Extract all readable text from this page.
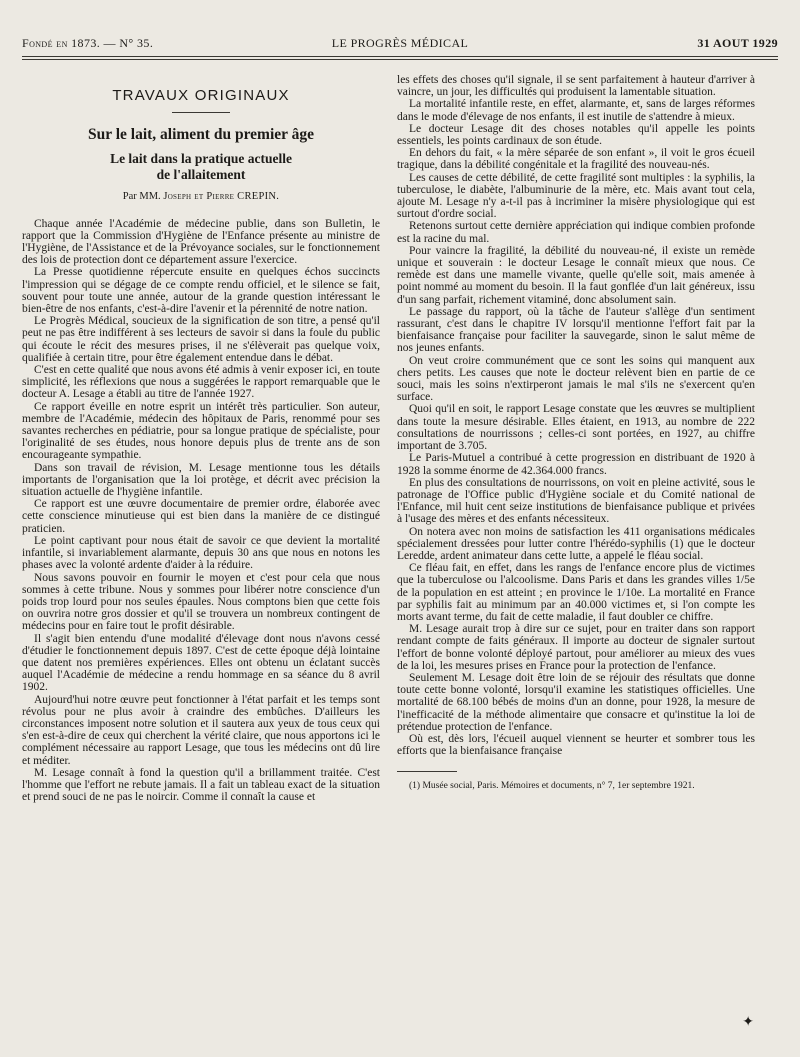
Fondé en 1873. — N° 35.	LE PROGRÈS MÉDICAL	31 AOUT 1929
TRAVAUX ORIGINAUX
Sur le lait, aliment du premier âge
Le lait dans la pratique actuelle
de l'allaitement
Par MM. Joseph et Pierre CREPIN.

Chaque année l'Académie de médecine publie, dans son Bulletin, le rapport que la Commission d'Hygiène de l'Enfance présente au ministre de l'Hygiène, de l'Assistance et de la Prévoyance sociales, sur le fonctionnement des lois de protection dont ce département assure l'exercice.

La Presse quotidienne répercute ensuite en quelques échos succincts l'impression qui se dégage de ce compte rendu officiel, et le silence se fait, souvent pour toute une année, autour de la grande question intéressant le bien-être de nos enfants, c'est-à-dire l'avenir et la pérennité de notre nation.

Le Progrès Médical, soucieux de la signification de son titre, a pensé qu'il peut ne pas être indifférent à ses lecteurs de savoir si dans la foule du public qui écoute le récit des mesures prises, il ne s'élèverait pas quelque voix, qualifiée à certain titre, pour être également entendue dans le débat.

C'est en cette qualité que nous avons été admis à venir exposer ici, en toute simplicité, les réflexions que nous a suggérées le rapport remarquable que le docteur A. Lesage a établi au titre de l'année 1927.

Ce rapport éveille en notre esprit un intérêt très particulier. Son auteur, membre de l'Académie, médecin des hôpitaux de Paris, renommé pour ses savantes recherches en pédiatrie, pour sa longue pratique de spécialiste, pour l'originalité de ses études, nous honore depuis plus de trente ans de son encourageante sympathie.

Dans son travail de révision, M. Lesage mentionne tous les détails importants de l'organisation que la loi protège, et décrit avec précision la situation actuelle de l'hygiène infantile.

Ce rapport est une œuvre documentaire de premier ordre, élaborée avec cette conscience minutieuse qui est bien dans la manière de ce distingué praticien.

Le point captivant pour nous était de savoir ce que devient la mortalité infantile, si invariablement alarmante, depuis 30 ans que nous en notons les phases avec la volonté ardente d'aider à la réduire.

Nous savons pouvoir en fournir le moyen et c'est pour cela que nous sommes à cette tribune. Nous y sommes pour libérer notre conscience d'un poids trop lourd pour nos seules épaules. Nous comptons bien que cette fois on ouvrira notre gros dossier et qu'il se trouvera un nombreux contingent de médecins pour en faire tout le profit désirable.

Il s'agit bien entendu d'une modalité d'élevage dont nous n'avons cessé d'étudier le fonctionnement depuis 1897. C'est de cette époque déjà lointaine que datent nos premières expériences. Elles ont obtenu un éclatant succès auquel l'Académie de médecine a rendu hommage en sa séance du 8 avril 1902.

Aujourd'hui notre œuvre peut fonctionner à l'état parfait et les temps sont révolus pour ne plus avoir à craindre des embûches. D'ailleurs les circonstances imposent notre solution et il sautera aux yeux de tous ceux qui s'en est-à-dire de ceux qui cherchent la vérité claire, que nous apportons ici le complément nécessaire au rapport Lesage, que tous les médecins ont dû lire et méditer.

M. Lesage connaît à fond la question qu'il a brillamment traitée. C'est l'homme que l'effort ne rebute jamais. Il a fait un tableau exact de la situation et prend souci de ne pas le noircir. Comme il connaît la cause et

les effets des choses qu'il signale, il se sent parfaitement à hauteur d'arriver à vaincre, un jour, les difficultés qui produisent la lamentable situation.

La mortalité infantile reste, en effet, alarmante, et, sans de larges réformes dans le mode d'élevage de nos enfants, il est inutile de s'attendre à mieux.

Le docteur Lesage dit des choses notables qu'il appelle les points essentiels, les points cardinaux de son étude.

En dehors du fait, « la mère séparée de son enfant », il voit le gros écueil tragique, dans la débilité congénitale et la fragilité des nouveau-nés.

Les causes de cette débilité, de cette fragilité sont multiples : la syphilis, la tuberculose, le diabète, l'albuminurie de la mère, etc. Mais avant tout cela, ajoute M. Lesage n'y a-t-il pas à incriminer la misère physiologique qui est surtout d'ordre social.

Retenons surtout cette dernière appréciation qui indique combien profonde est la racine du mal.

Pour vaincre la fragilité, la débilité du nouveau-né, il existe un remède unique et souverain : le docteur Lesage le connaît mieux que nous. Ce remède est dans une mamelle vivante, quelle qu'elle soit, mais amenée à point nommé au moment du besoin. Il la faut gonflée d'un lait généreux, issu d'un sang parfait, richement vitaminé, donc absolument sain.

Le passage du rapport, où la tâche de l'auteur s'allège d'un sentiment rassurant, c'est dans le chapitre IV lorsqu'il mentionne l'effort fait par la bienfaisance française pour faciliter la sauvegarde, sinon le salut même de nos jeunes enfants.

On veut croire communément que ce sont les soins qui manquent aux chers petits. Les causes que note le docteur relèvent bien en partie de ce souci, mais les soins n'extirperont jamais le mal s'ils ne s'exercent qu'en surface.

Quoi qu'il en soit, le rapport Lesage constate que les œuvres se multiplient dans toute la mesure désirable. Elles étaient, en 1913, au nombre de 222 consultations de nourrissons ; celles-ci sont portées, en 1927, au chiffre important de 3.705.

Le Paris-Mutuel a contribué à cette progression en distribuant de 1920 à 1928 la somme énorme de 42.364.000 francs.

En plus des consultations de nourrissons, on voit en pleine activité, sous le patronage de l'Office public d'Hygiène sociale et du Comité national de l'Enfance, mil huit cent seize institutions de bienfaisance publique et privées à l'usage des mères et des enfants nécessiteux.

On notera avec non moins de satisfaction les 411 organisations médicales spécialement dressées pour lutter contre l'hérédo-syphilis (1) que le docteur Leredde, ardent animateur dans cette lutte, a appelé le fléau social.

Ce fléau fait, en effet, dans les rangs de l'enfance encore plus de victimes que la tuberculose ou l'alcoolisme. Dans Paris et dans les grandes villes 1/5e de la population en est atteint ; en province le 1/10e. La mortalité en France par syphilis fait au minimum par an 40.000 victimes et, si l'on compte les morts avant terme, du fait de cette maladie, il faut doubler ce chiffre.

M. Lesage aurait trop à dire sur ce sujet, pour en traiter dans son rapport rendant compte de faits généraux. Il importe au docteur de signaler surtout l'effort de bonne volonté déployé partout, pour améliorer au mieux des vues de la loi, les mesures prises en France pour la protection de l'enfance.

Seulement M. Lesage doit être loin de se réjouir des résultats que donne toute cette bonne volonté, lorsqu'il examine les statistiques officielles. Une mortalité de 68.100 bébés de moins d'un an donne, pour 1928, la mesure de l'inefficacité de la méthode alimentaire que consacre et qu'institue la loi de prétendue protection de l'enfance.

Où est, dès lors, l'écueil auquel viennent se heurter et sombrer tous les efforts que la bienfaisance française

(1) Musée social, Paris. Mémoires et documents, n° 7, 1er septembre 1921.
✦
